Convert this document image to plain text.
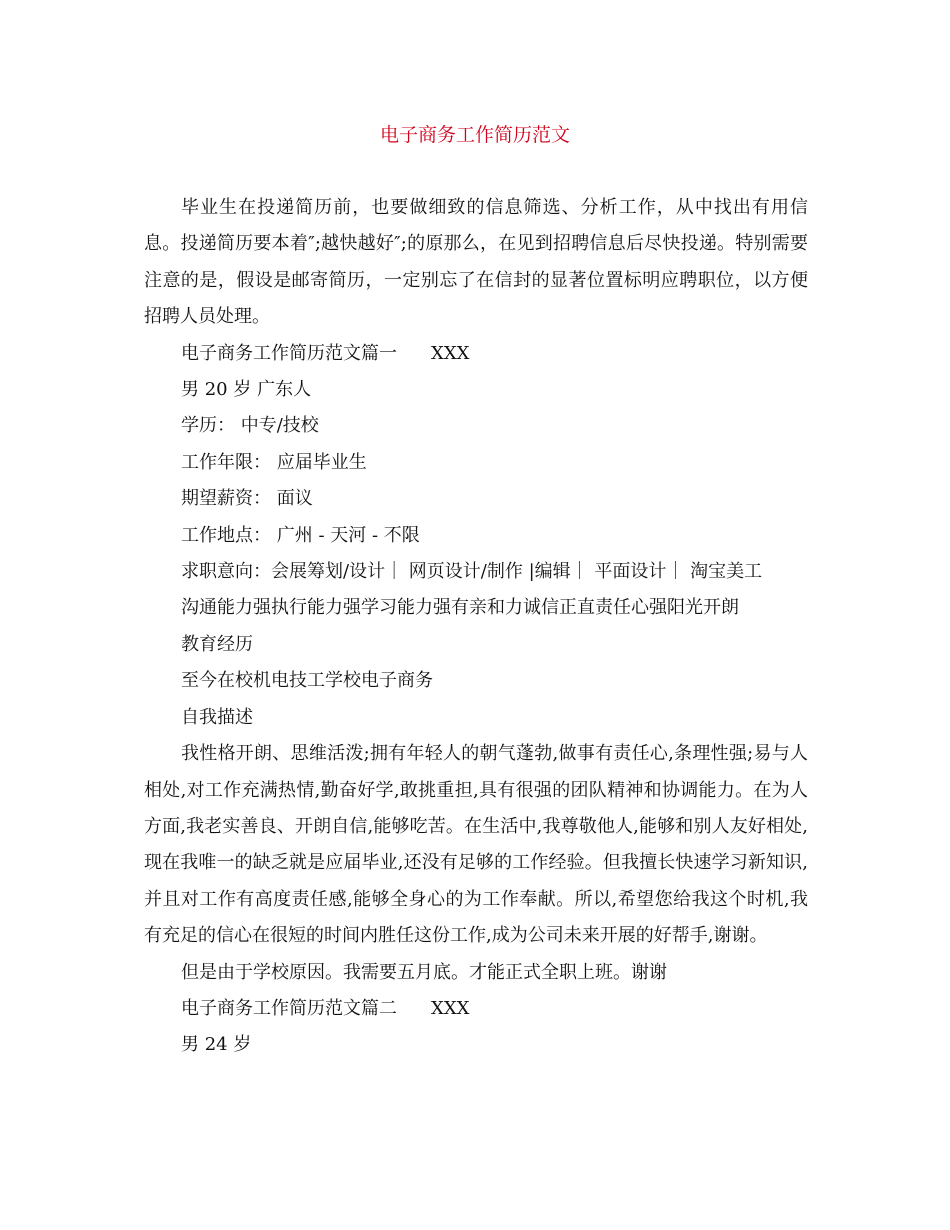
电子商务工作简历范文

毕业生在投递简历前，也要做细致的信息筛选、分析工作，从中找出有用信息。投递简历要本着″;越快越好″;的原那么，在见到招聘信息后尽快投递。特别需要注意的是，假设是邮寄简历，一定别忘了在信封的显著位置标明应聘职位，以方便招聘人员处理。

电子商务工作简历范文篇一 XXX

男 20 岁 广东人

学历： 中专/技校

工作年限： 应届毕业生

期望薪资： 面议

工作地点： 广州 - 天河 - 不限

求职意向：会展筹划/设计｜ 网页设计/制作 |编辑｜ 平面设计｜ 淘宝美工

沟通能力强执行能力强学习能力强有亲和力诚信正直责任心强阳光开朗

教育经历

至今在校机电技工学校电子商务

自我描述

我性格开朗、思维活泼;拥有年轻人的朝气蓬勃,做事有责任心,条理性强;易与人相处,对工作充满热情,勤奋好学,敢挑重担,具有很强的团队精神和协调能力。在为人方面,我老实善良、开朗自信,能够吃苦。在生活中,我尊敬他人,能够和别人友好相处,现在我唯一的缺乏就是应届毕业,还没有足够的工作经验。但我擅长快速学习新知识,并且对工作有高度责任感,能够全身心的为工作奉献。所以,希望您给我这个时机,我有充足的信心在很短的时间内胜任这份工作,成为公司未来开展的好帮手,谢谢。

但是由于学校原因。我需要五月底。才能正式全职上班。谢谢

电子商务工作简历范文篇二 XXX

男 24 岁
